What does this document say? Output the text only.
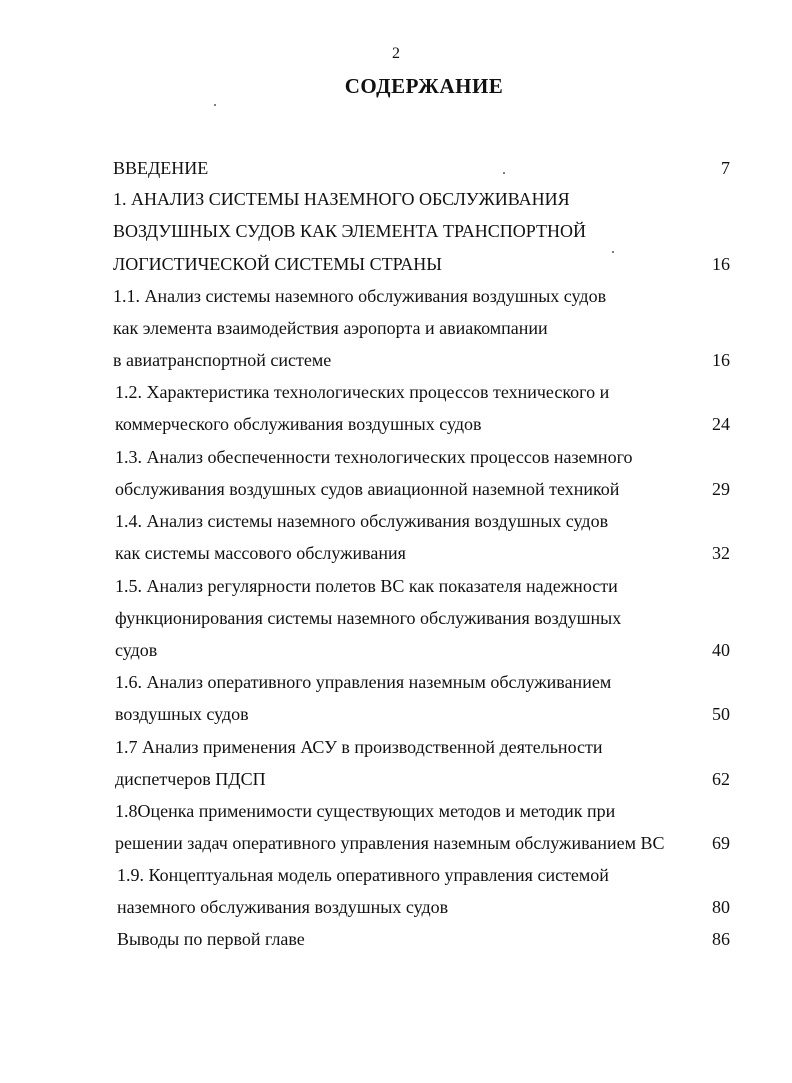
2
СОДЕРЖАНИЕ
ВВЕДЕНИЕ	7
1. АНАЛИЗ СИСТЕМЫ НАЗЕМНОГО ОБСЛУЖИВАНИЯ
ВОЗДУШНЫХ СУДОВ КАК ЭЛЕМЕНТА ТРАНСПОРТНОЙ
ЛОГИСТИЧЕСКОЙ СИСТЕМЫ СТРАНЫ	16
1.1. Анализ системы наземного обслуживания воздушных судов
как элемента взаимодействия аэропорта и авиакомпании
в авиатранспортной системе	16
1.2. Характеристика технологических процессов технического и
коммерческого обслуживания воздушных судов	24
1.3. Анализ обеспеченности технологических процессов наземного
обслуживания воздушных судов авиационной наземной техникой	29
1.4. Анализ системы наземного обслуживания воздушных судов
как системы массового обслуживания	32
1.5. Анализ регулярности полетов ВС как показателя надежности
функционирования системы наземного обслуживания воздушных
судов	40
1.6. Анализ оперативного управления наземным обслуживанием
воздушных судов	50
1.7 Анализ применения АСУ в производственной деятельности
диспетчеров ПДСП	62
1.8Оценка применимости существующих методов и методик при
решении задач оперативного управления наземным обслуживанием ВС	69
1.9. Концептуальная модель оперативного управления системой
наземного обслуживания воздушных судов	80
Выводы по первой главе	86
